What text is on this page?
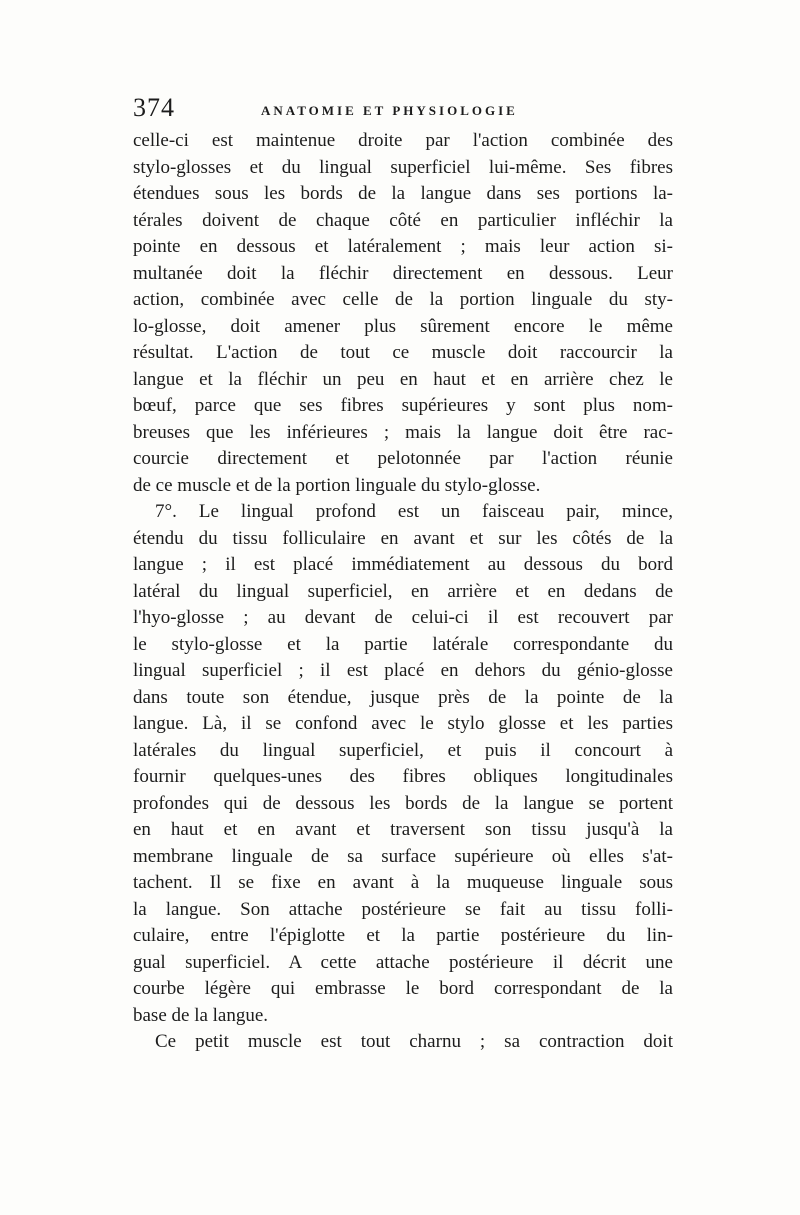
374	ANATOMIE ET PHYSIOLOGIE
celle-ci est maintenue droite par l'action combinée des
stylo-glosses et du lingual superficiel lui-même. Ses fibres
étendues sous les bords de la langue dans ses portions la-
térales doivent de chaque côté en particulier infléchir la
pointe en dessous et latéralement ; mais leur action si-
multanée doit la fléchir directement en dessous. Leur
action, combinée avec celle de la portion linguale du sty-
lo-glosse, doit amener plus sûrement encore le même
résultat. L'action de tout ce muscle doit raccourcir la
langue et la fléchir un peu en haut et en arrière chez le
bœuf, parce que ses fibres supérieures y sont plus nom-
breuses que les inférieures ; mais la langue doit être rac-
courcie directement et pelotonnée par l'action réunie
de ce muscle et de la portion linguale du stylo-glosse.
7°. Le lingual profond est un faisceau pair, mince,
étendu du tissu folliculaire en avant et sur les côtés de la
langue ; il est placé immédiatement au dessous du bord
latéral du lingual superficiel, en arrière et en dedans de
l'hyo-glosse ; au devant de celui-ci il est recouvert par
le stylo-glosse et la partie latérale correspondante du
lingual superficiel ; il est placé en dehors du génio-glosse
dans toute son étendue, jusque près de la pointe de la
langue. Là, il se confond avec le stylo glosse et les parties
latérales du lingual superficiel, et puis il concourt à
fournir quelques-unes des fibres obliques longitudinales
profondes qui de dessous les bords de la langue se portent
en haut et en avant et traversent son tissu jusqu'à la
membrane linguale de sa surface supérieure où elles s'at-
tachent. Il se fixe en avant à la muqueuse linguale sous
la langue. Son attache postérieure se fait au tissu folli-
culaire, entre l'épiglotte et la partie postérieure du lin-
gual superficiel. A cette attache postérieure il décrit une
courbe légère qui embrasse le bord correspondant de la
base de la langue.
Ce petit muscle est tout charnu ; sa contraction doit
